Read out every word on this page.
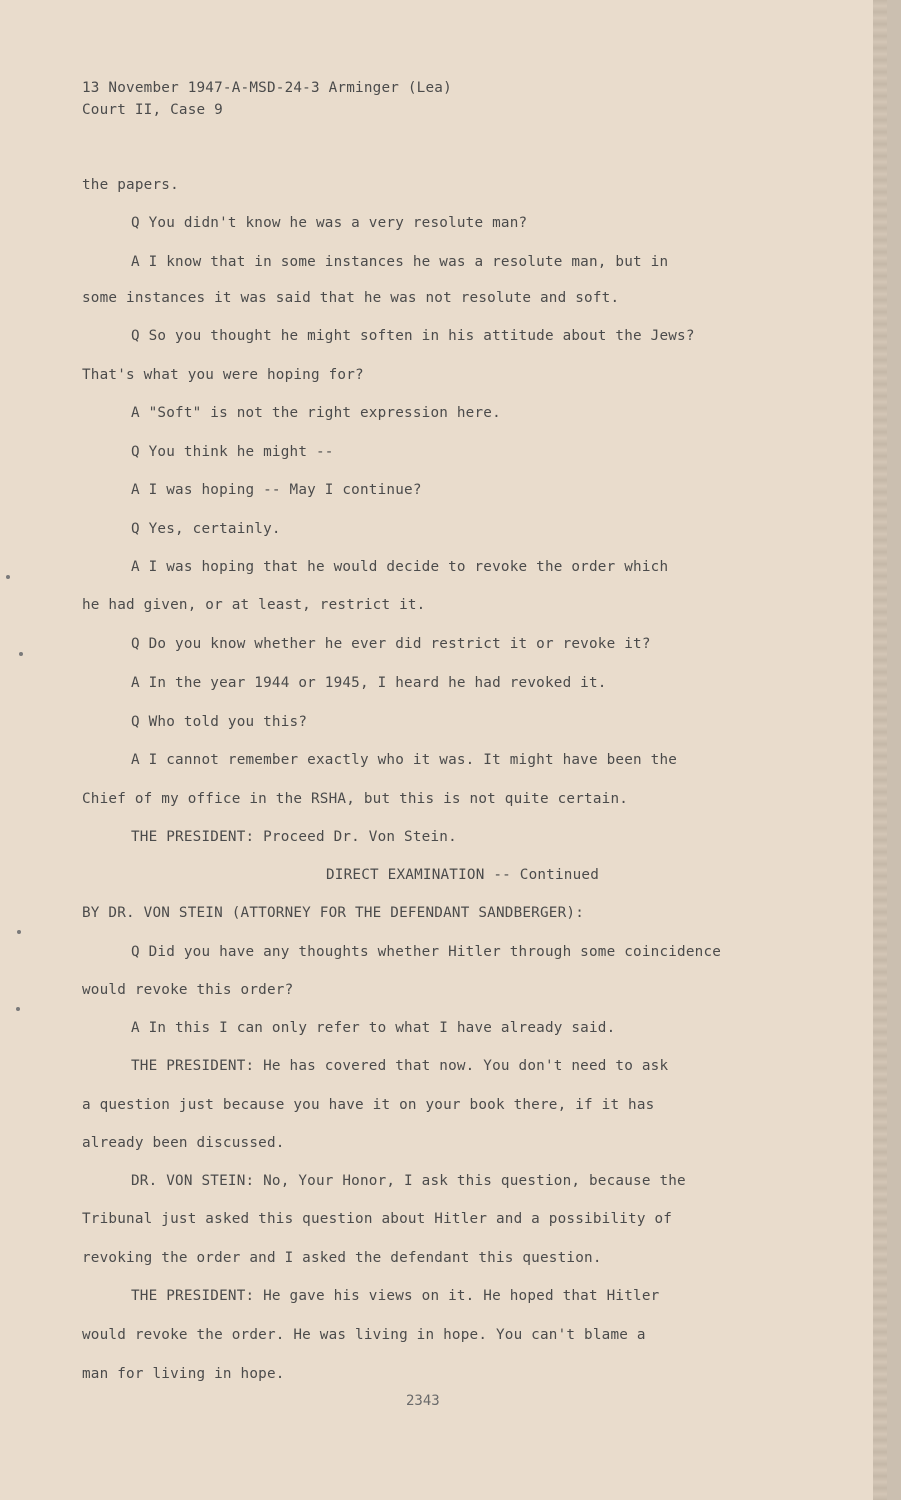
13 November 1947-A-MSD-24-3 Arminger (Lea)
Court II, Case 9
the papers.
Q You didn't know he was a very resolute man?
A I know that in some instances he was a resolute man, but in
some instances it was said that he was not resolute and soft.
Q So you thought he might soften in his attitude about the Jews?
That's what you were hoping for?
A "Soft" is not the right expression here.
Q You think he might --
A I was hoping -- May I continue?
Q Yes, certainly.
A I was hoping that he would decide to revoke the order which
he had given, or at least, restrict it.
Q Do you know whether he ever did restrict it or revoke it?
A In the year 1944 or 1945, I heard he had revoked it.
Q Who told you this?
A I cannot remember exactly who it was. It might have been the
Chief of my office in the RSHA, but this is not quite certain.
THE PRESIDENT: Proceed Dr. Von Stein.
DIRECT EXAMINATION -- Continued
BY DR. VON STEIN (ATTORNEY FOR THE DEFENDANT SANDBERGER):
Q Did you have any thoughts whether Hitler through some coincidence
would revoke this order?
A In this I can only refer to what I have already said.
THE PRESIDENT: He has covered that now. You don't need to ask
a question just because you have it on your book there, if it has
already been discussed.
DR. VON STEIN: No, Your Honor, I ask this question, because the
Tribunal just asked this question about Hitler and a possibility of
revoking the order and I asked the defendant this question.
THE PRESIDENT: He gave his views on it. He hoped that Hitler
would revoke the order. He was living in hope. You can't blame a
man for living in hope.
2343
